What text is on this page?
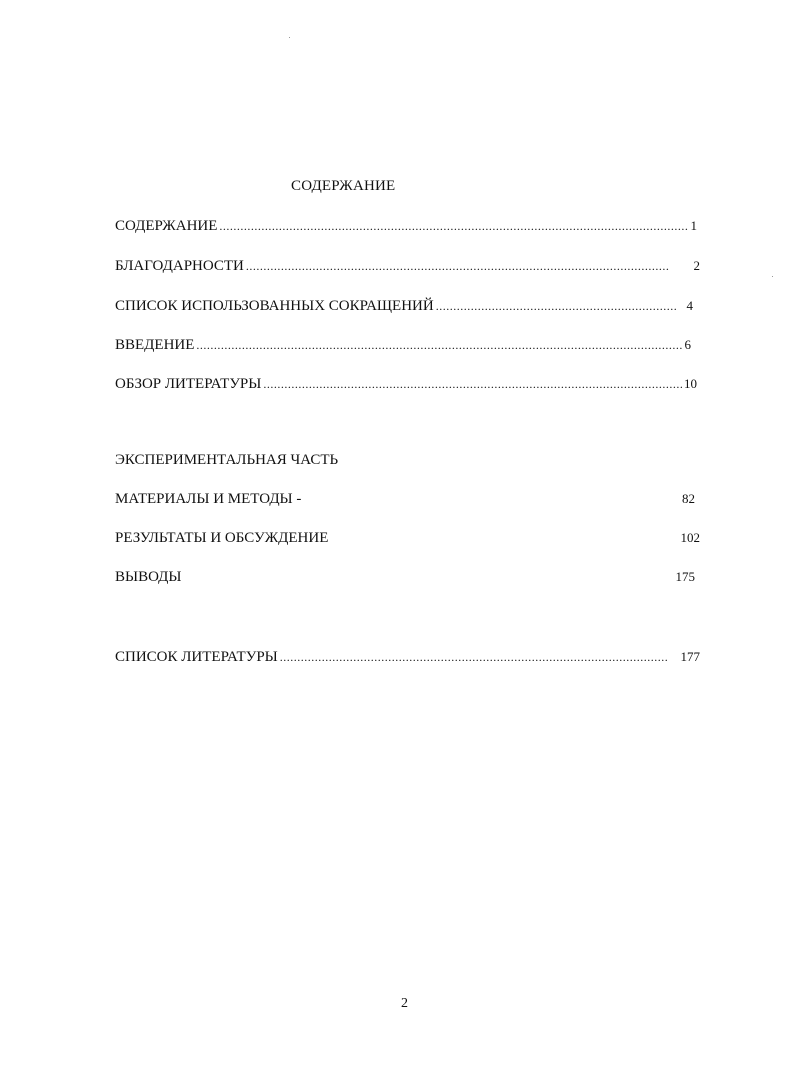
СОДЕРЖАНИЕ
СОДЕРЖАНИЕ .....	1
БЛАГОДАРНОСТИ .....	2
СПИСОК ИСПОЛЬЗОВАННЫХ СОКРАЩЕНИЙ .....	4
ВВЕДЕНИЕ .....	6
ОБЗОР ЛИТЕРАТУРЫ .....	10
ЭКСПЕРИМЕНТАЛЬНАЯ ЧАСТЬ
МАТЕРИАЛЫ И МЕТОДЫ -	82
РЕЗУЛЬТАТЫ И ОБСУЖДЕНИЕ	102
ВЫВОДЫ	175
СПИСОК ЛИТЕРАТУРЫ .....	177
2
